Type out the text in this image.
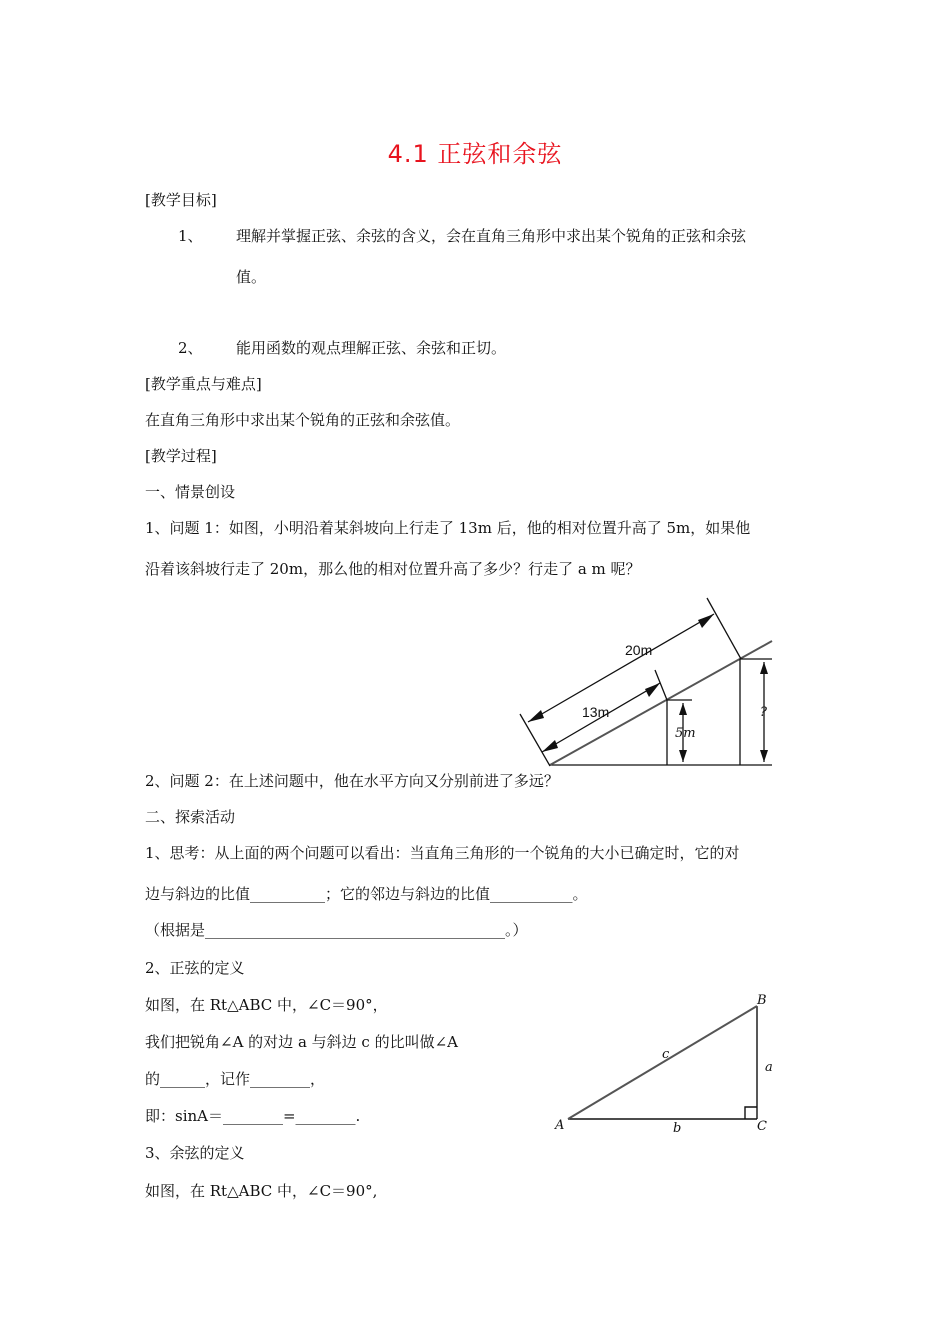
4.1 正弦和余弦
[教学目标]
1、 理解并掌握正弦、余弦的含义，会在直角三角形中求出某个锐角的正弦和余弦
值。
2、 能用函数的观点理解正弦、余弦和正切。
[教学重点与难点]
在直角三角形中求出某个锐角的正弦和余弦值。
[教学过程]
一、情景创设
1、问题 1：如图，小明沿着某斜坡向上行走了 13m 后，他的相对位置升高了 5m，如果他
沿着该斜坡行走了 20m，那么他的相对位置升高了多少？行走了 a m 呢？
20m
13m
5m
?
A
B
C
a
b
c
2、问题 2：在上述问题中，他在水平方向又分别前进了多远？
二、探索活动
1、思考：从上面的两个问题可以看出：当直角三角形的一个锐角的大小已确定时，它的对
边与斜边的比值__________；它的邻边与斜边的比值___________。
（根据是________________________________________。）
2、正弦的定义
如图，在 Rt△ABC 中，∠C＝90°，
我们把锐角∠A 的对边 a 与斜边 c 的比叫做∠A
的______，记作________，
即：sinA＝________=________.
3、余弦的定义
如图，在 Rt△ABC 中，∠C＝90°,
